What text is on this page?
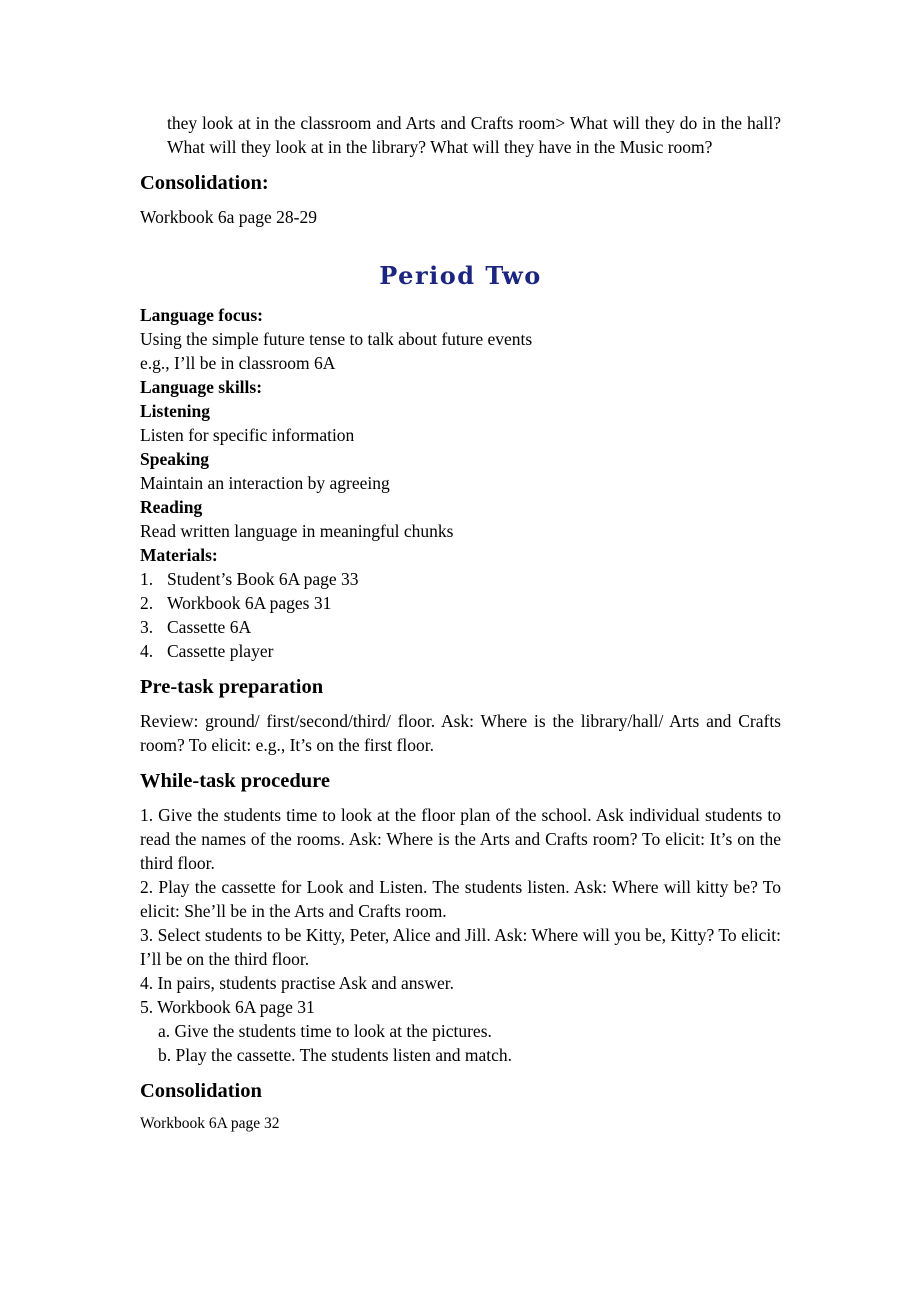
they look at in the classroom and Arts and Crafts room> What will they do in the hall? What will they look at in the library? What will they have in the Music room?

Consolidation:

Workbook 6a page 28-29

Period Two

Language focus:

Using the simple future tense to talk about future events

e.g., I’ll be in classroom 6A

Language skills:

Listening

Listen for specific information

Speaking

Maintain an interaction by agreeing

Reading

Read written language in meaningful chunks

Materials:

1. Student’s Book 6A page 33
2. Workbook 6A pages 31
3. Cassette 6A
4. Cassette player
Pre-task preparation

Review: ground/ first/second/third/ floor. Ask: Where is the library/hall/ Arts and Crafts room? To elicit: e.g., It’s on the first floor.

While-task procedure

1. Give the students time to look at the floor plan of the school. Ask individual students to read the names of the rooms. Ask: Where is the Arts and Crafts room? To elicit: It’s on the third floor.

2. Play the cassette for Look and Listen. The students listen. Ask: Where will kitty be? To elicit: She’ll be in the Arts and Crafts room.

3. Select students to be Kitty, Peter, Alice and Jill. Ask: Where will you be, Kitty? To elicit: I’ll be on the third floor.

4. In pairs, students practise Ask and answer.

5. Workbook 6A page 31

a. Give the students time to look at the pictures.

b. Play the cassette. The students listen and match.

Consolidation

Workbook 6A page 32
